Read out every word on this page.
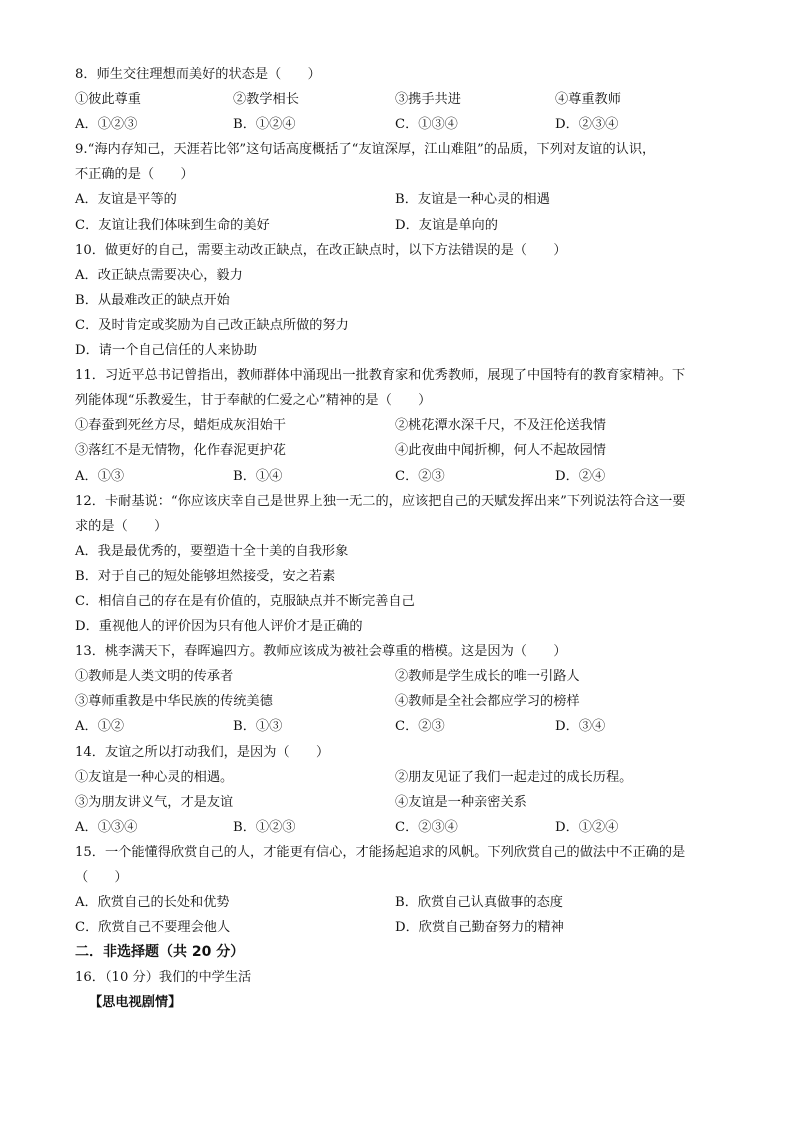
8．师生交往理想而美好的状态是（　　）
①彼此尊重	②教学相长	③携手共进	④尊重教师
A．①②③	B．①②④	C．①③④	D．②③④
9.“海内存知己，天涯若比邻”这句话高度概括了“友谊深厚，江山难阻”的品质，下列对友谊的认识，
不正确的是（　　）
A．友谊是平等的	B．友谊是一种心灵的相遇
C．友谊让我们体味到生命的美好	D．友谊是单向的
10．做更好的自己，需要主动改正缺点，在改正缺点时，以下方法错误的是（　　）
A．改正缺点需要决心，毅力
B．从最难改正的缺点开始
C．及时肯定或奖励为自己改正缺点所做的努力
D．请一个自己信任的人来协助
11．习近平总书记曾指出，教师群体中涌现出一批教育家和优秀教师，展现了中国特有的教育家精神。下
列能体现“乐教爱生，甘于奉献的仁爱之心”精神的是（　　）
①春蚕到死丝方尽，蜡炬成灰泪始干	②桃花潭水深千尺，不及汪伦送我情
③落红不是无情物，化作春泥更护花	④此夜曲中闻折柳，何人不起故园情
A．①③	B．①④	C．②③	D．②④
12．卡耐基说：“你应该庆幸自己是世界上独一无二的，应该把自己的天赋发挥出来”下列说法符合这一要
求的是（　　）
A．我是最优秀的，要塑造十全十美的自我形象
B．对于自己的短处能够坦然接受，安之若素
C．相信自己的存在是有价值的，克服缺点并不断完善自己
D．重视他人的评价因为只有他人评价才是正确的
13．桃李满天下，春晖遍四方。教师应该成为被社会尊重的楷模。这是因为（　　）
①教师是人类文明的传承者	②教师是学生成长的唯一引路人
③尊师重教是中华民族的传统美德	④教师是全社会都应学习的榜样
A．①②	B．①③	C．②③	D．③④
14．友谊之所以打动我们，是因为（　　）
①友谊是一种心灵的相遇。	②朋友见证了我们一起走过的成长历程。
③为朋友讲义气，才是友谊	④友谊是一种亲密关系
A．①③④	B．①②③	C．②③④	D．①②④
15．一个能懂得欣赏自己的人，才能更有信心，才能扬起追求的风帆。下列欣赏自己的做法中不正确的是
（　　）
A．欣赏自己的长处和优势	B．欣赏自己认真做事的态度
C．欣赏自己不要理会他人	D．欣赏自己勤奋努力的精神
二．非选择题（共 20 分）
16．（10 分）我们的中学生活
【思电视剧情】
